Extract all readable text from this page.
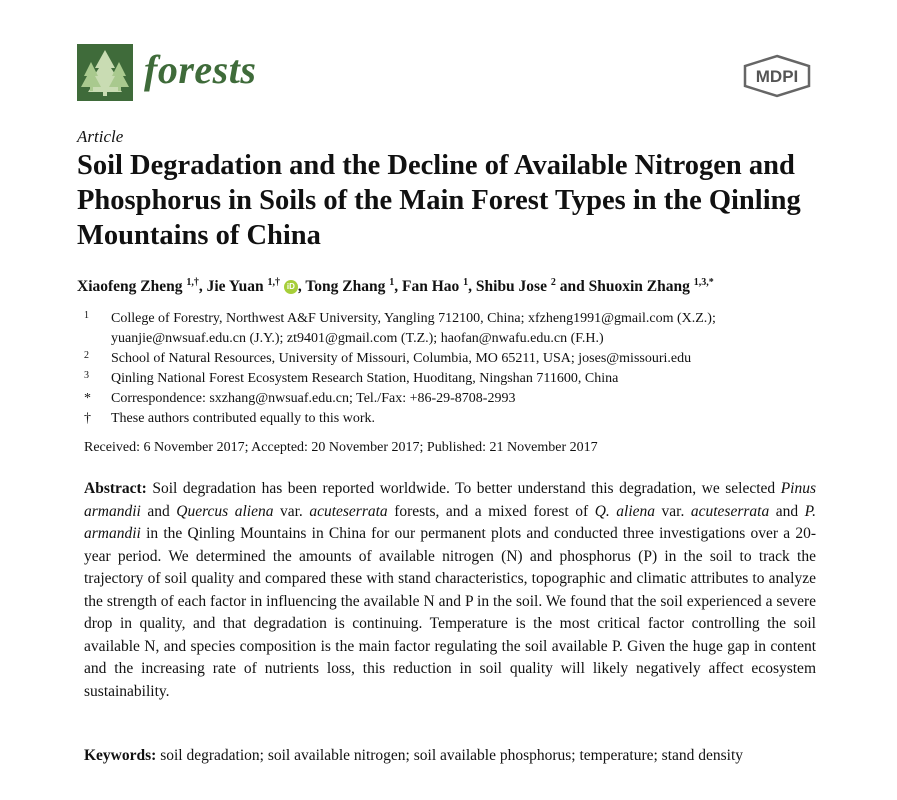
forests	MDPI
Article
Soil Degradation and the Decline of Available Nitrogen and Phosphorus in Soils of the Main Forest Types in the Qinling Mountains of China
Xiaofeng Zheng $^{1,\dagger}$, Jie Yuan $^{1,\dagger}$ iD , Tong Zhang $^1$, Fan Hao $^1$, Shibu Jose $^2$ and Shuoxin Zhang $^{1,3,*}$
1	College of Forestry, Northwest A&F University, Yangling 712100, China; xfzheng1991@gmail.com (X.Z.); yuanjie@nwsuaf.edu.cn (J.Y.); zt9401@gmail.com (T.Z.); haofan@nwafu.edu.cn (F.H.)
2	School of Natural Resources, University of Missouri, Columbia, MO 65211, USA; joses@missouri.edu
3	Qinling National Forest Ecosystem Research Station, Huoditang, Ningshan 711600, China
*	Correspondence: sxzhang@nwsuaf.edu.cn; Tel./Fax: +86-29-8708-2993
†	These authors contributed equally to this work.
Received: 6 November 2017; Accepted: 20 November 2017; Published: 21 November 2017

Abstract: Soil degradation has been reported worldwide. To better understand this degradation, we selected Pinus armandii and Quercus aliena var. acuteserrata forests, and a mixed forest of Q. aliena var. acuteserrata and P. armandii in the Qinling Mountains in China for our permanent plots and conducted three investigations over a 20-year period. We determined the amounts of available nitrogen (N) and phosphorus (P) in the soil to track the trajectory of soil quality and compared these with stand characteristics, topographic and climatic attributes to analyze the strength of each factor in influencing the available N and P in the soil. We found that the soil experienced a severe drop in quality, and that degradation is continuing. Temperature is the most critical factor controlling the soil available N, and species composition is the main factor regulating the soil available P. Given the huge gap in content and the increasing rate of nutrients loss, this reduction in soil quality will likely negatively affect ecosystem sustainability.

Keywords: soil degradation; soil available nitrogen; soil available phosphorus; temperature; stand density
